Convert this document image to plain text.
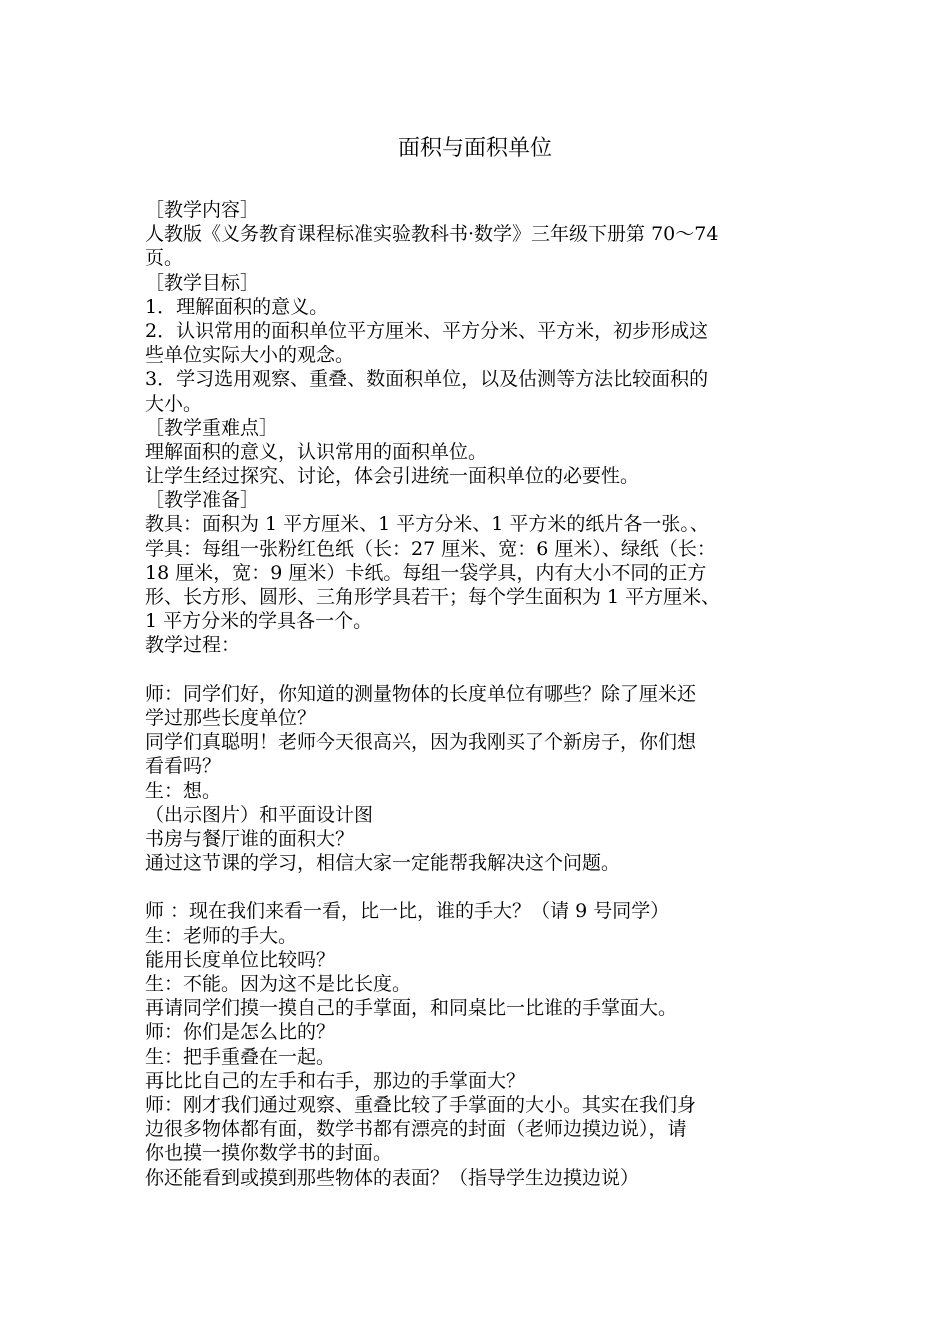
面积与面积单位
［教学内容］
人教版《义务教育课程标准实验教科书·数学》三年级下册第 70～74
页。
［教学目标］
1．理解面积的意义。
2．认识常用的面积单位平方厘米、平方分米、平方米，初步形成这
些单位实际大小的观念。
3．学习选用观察、重叠、数面积单位，以及估测等方法比较面积的
大小。
［教学重难点］
理解面积的意义，认识常用的面积单位。
让学生经过探究、讨论，体会引进统一面积单位的必要性。
［教学准备］
教具：面积为 1 平方厘米、1 平方分米、1 平方米的纸片各一张。、
学具：每组一张粉红色纸（长：27 厘米、宽：6 厘米）、绿纸（长：
18 厘米，宽：9 厘米）卡纸。每组一袋学具，内有大小不同的正方
形、长方形、圆形、三角形学具若干；每个学生面积为 1 平方厘米、
1 平方分米的学具各一个。
教学过程：
师：同学们好，你知道的测量物体的长度单位有哪些？除了厘米还
学过那些长度单位？
同学们真聪明！老师今天很高兴，因为我刚买了个新房子，你们想
看看吗？
生：想。
（出示图片）和平面设计图
书房与餐厅谁的面积大？
通过这节课的学习，相信大家一定能帮我解决这个问题。
师 ：现在我们来看一看，比一比，谁的手大？（请 9 号同学）
生：老师的手大。
能用长度单位比较吗？
生：不能。因为这不是比长度。
再请同学们摸一摸自己的手掌面，和同桌比一比谁的手掌面大。
师：你们是怎么比的？
生：把手重叠在一起。
再比比自己的左手和右手，那边的手掌面大？
师：刚才我们通过观察、重叠比较了手掌面的大小。其实在我们身
边很多物体都有面，数学书都有漂亮的封面（老师边摸边说），请
你也摸一摸你数学书的封面。
你还能看到或摸到那些物体的表面？（指导学生边摸边说）
